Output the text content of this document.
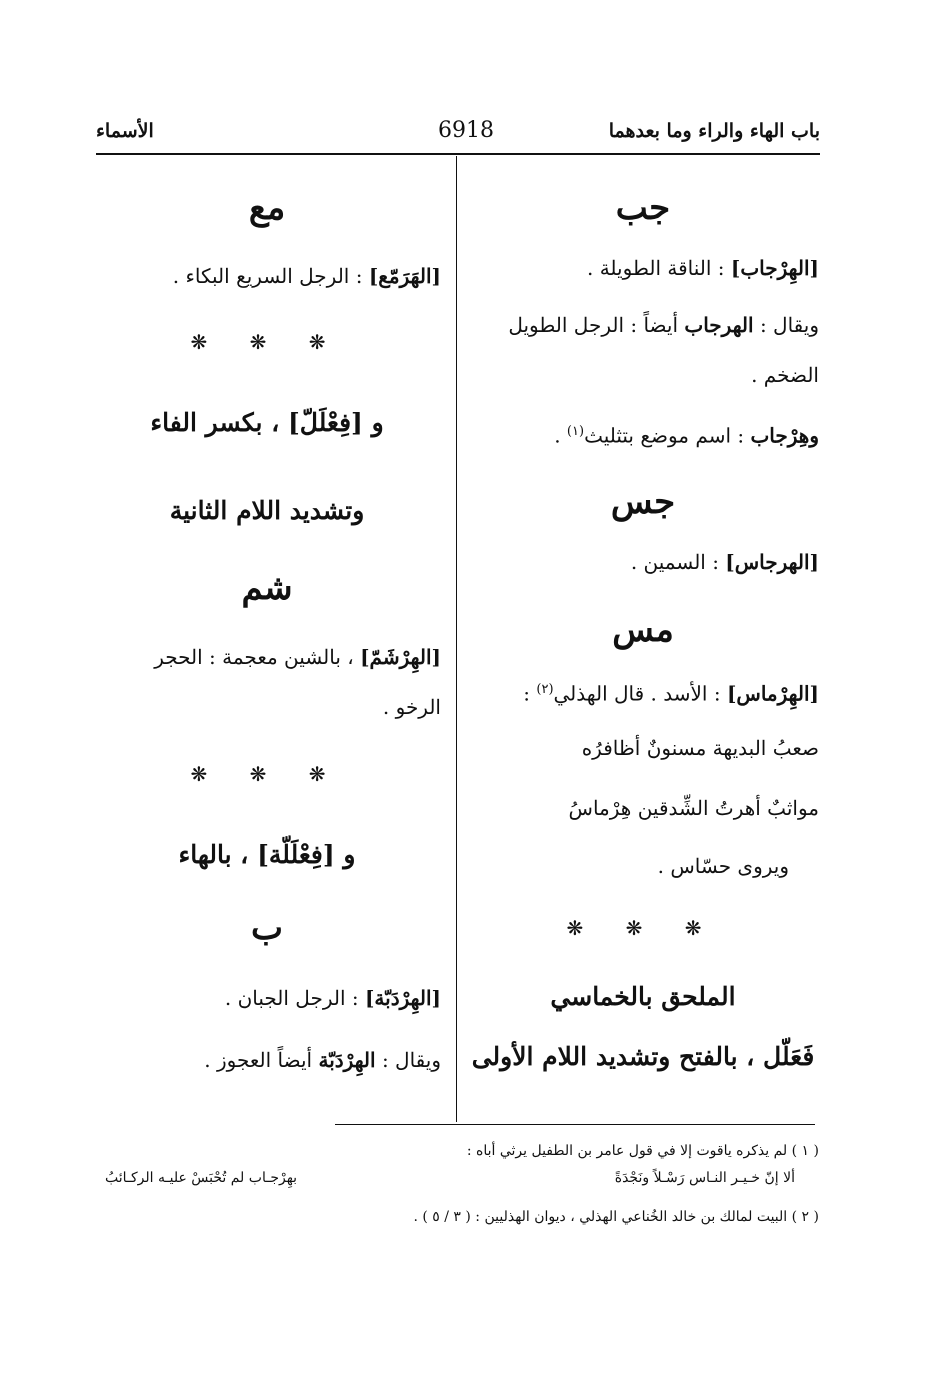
باب الهاء والراء وما بعدهما
6918
الأسماء
جب
[الهِرْجاب] : الناقة الطويلة .
ويقال : الهرجاب أيضاً : الرجل الطويل
الضخم .
وهِرْجاب : اسم موضع بتثليث$^{(١)}$ .
جس
[الهرجاس] : السمين .
مس
[الهِرْماس] : الأسد . قال الهذلي$^{(٢)}$ :
صعبُ البديهة مسنونٌ أظافرُه
مواثبٌ أهرتُ الشِّدقين هِرْماسُ
ويروى حسّاس .
❋ ❋ ❋
الملحق بالخماسي
فَعَلّل ، بالفتح وتشديد اللام الأولى
مع
[الهَرَمّع] : الرجل السريع البكاء .
❋ ❋ ❋
و [فِعْلَلّ] ، بكسر الفاء
وتشديد اللام الثانية
شم
[الهِرْشَمّ] ، بالشين معجمة : الحجر
الرخو .
❋ ❋ ❋
و [فِعْلَلّة] ، بالهاء
ب
[الهِرْدَبّة] : الرجل الجبان .
ويقال : الهِرْدَبّة أيضاً العجوز .
( ١ ) لم يذكره ياقوت إلا في قول عامر بن الطفيل يرثي أباه :
ألا إنّ خـيـر النـاس رَسْـلاً ونَجْدَةً
بهِرْجـاب لم تُحْبَسْ عليـه الركـائبُ
( ٢ ) البيت لمالك بن خالد الخُناعي الهذلي ، ديوان الهذليين : ( ٣ / ٥ ) .
